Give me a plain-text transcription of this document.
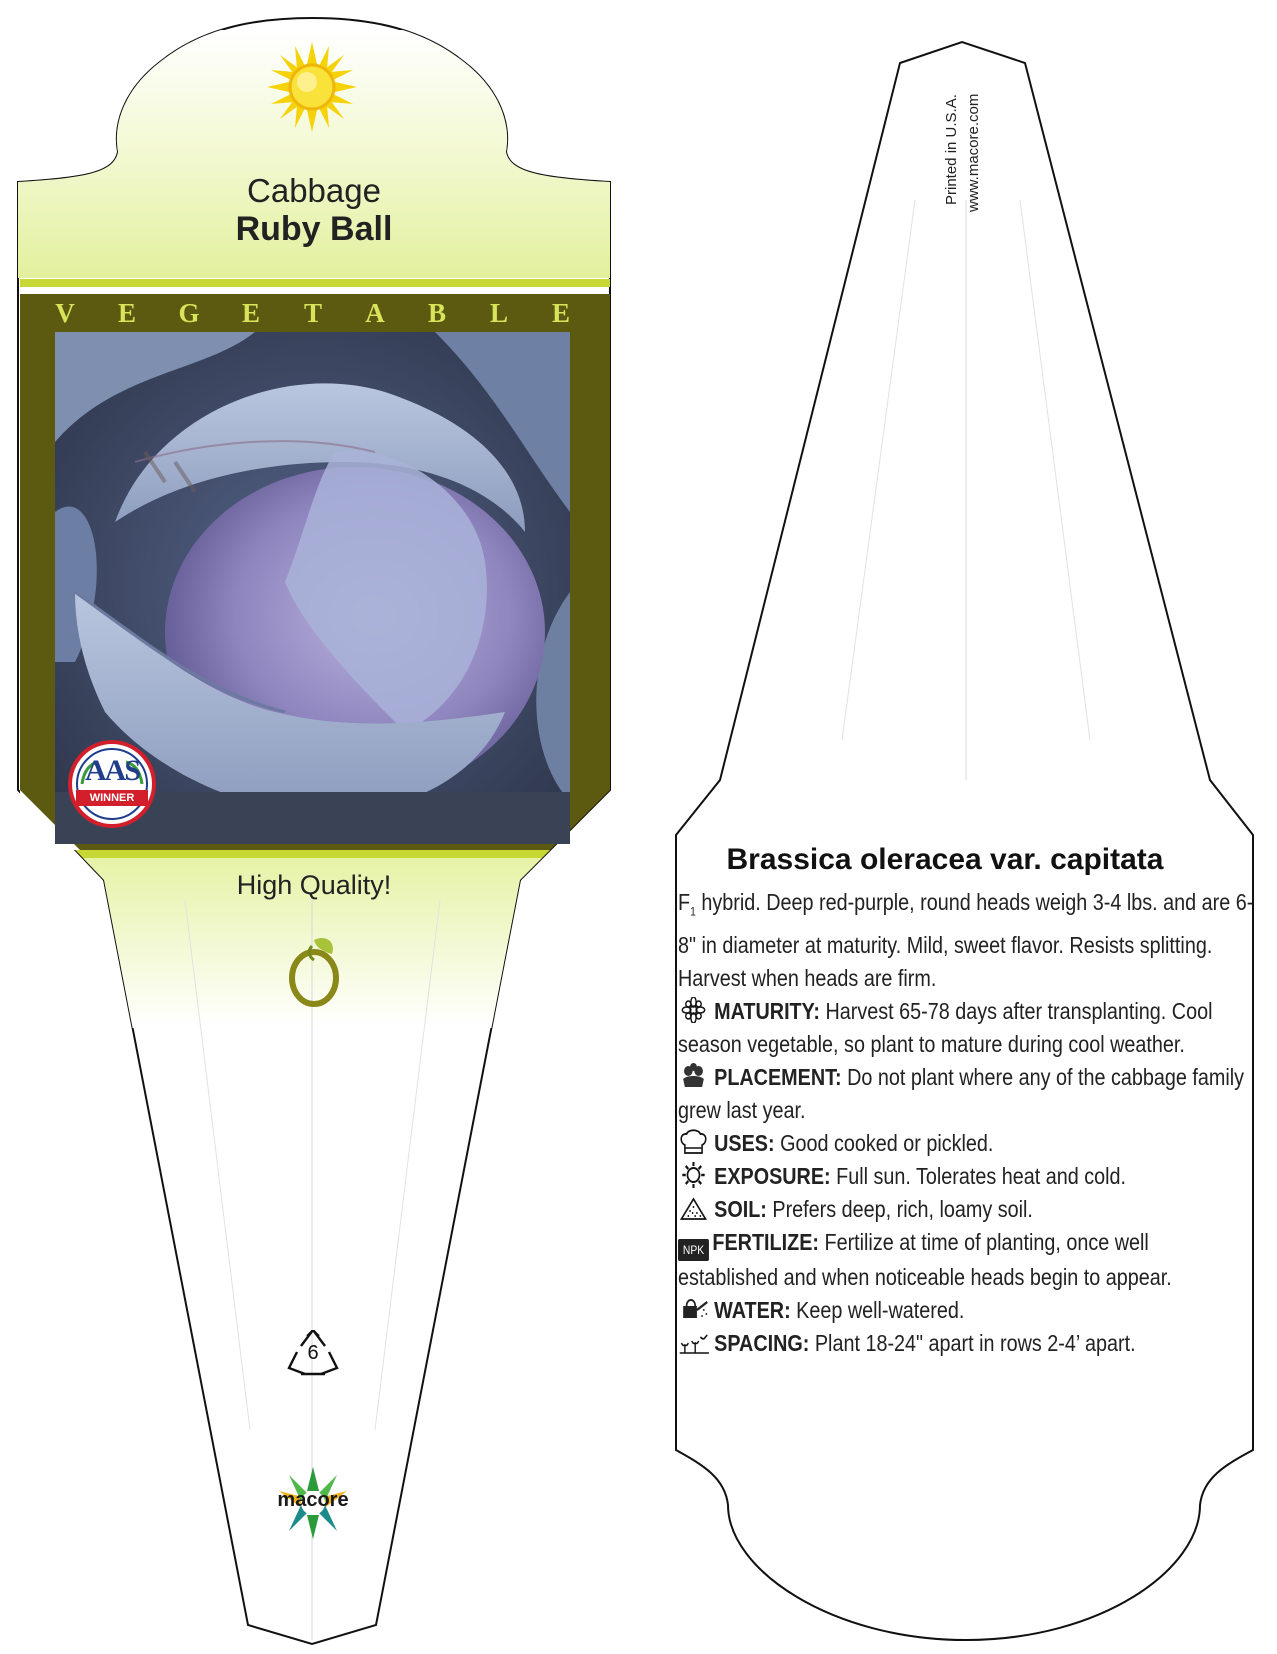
Cabbage
Ruby Ball
V E G E T A B L E
AAS
WINNER
High Quality!
6
macore
Printed in U.S.A. www.macore.com
Brassica oleracea var. capitata

$F_1$ hybrid. Deep red-purple, round heads weigh 3-4 lbs. and are 6-8" in diameter at maturity. Mild, sweet flavor. Resists splitting. Harvest when heads are firm.

MATURITY: Harvest 65-78 days after transplanting. Cool season vegetable, so plant to mature during cool weather.

PLACEMENT: Do not plant where any of the cabbage family grew last year.

USES: Good cooked or pickled.

EXPOSURE: Full sun. Tolerates heat and cold.

SOIL: Prefers deep, rich, loamy soil.

NPK FERTILIZE: Fertilize at time of planting, once well established and when noticeable heads begin to appear.

WATER: Keep well-watered.

SPACING: Plant 18-24" apart in rows 2-4’ apart.
